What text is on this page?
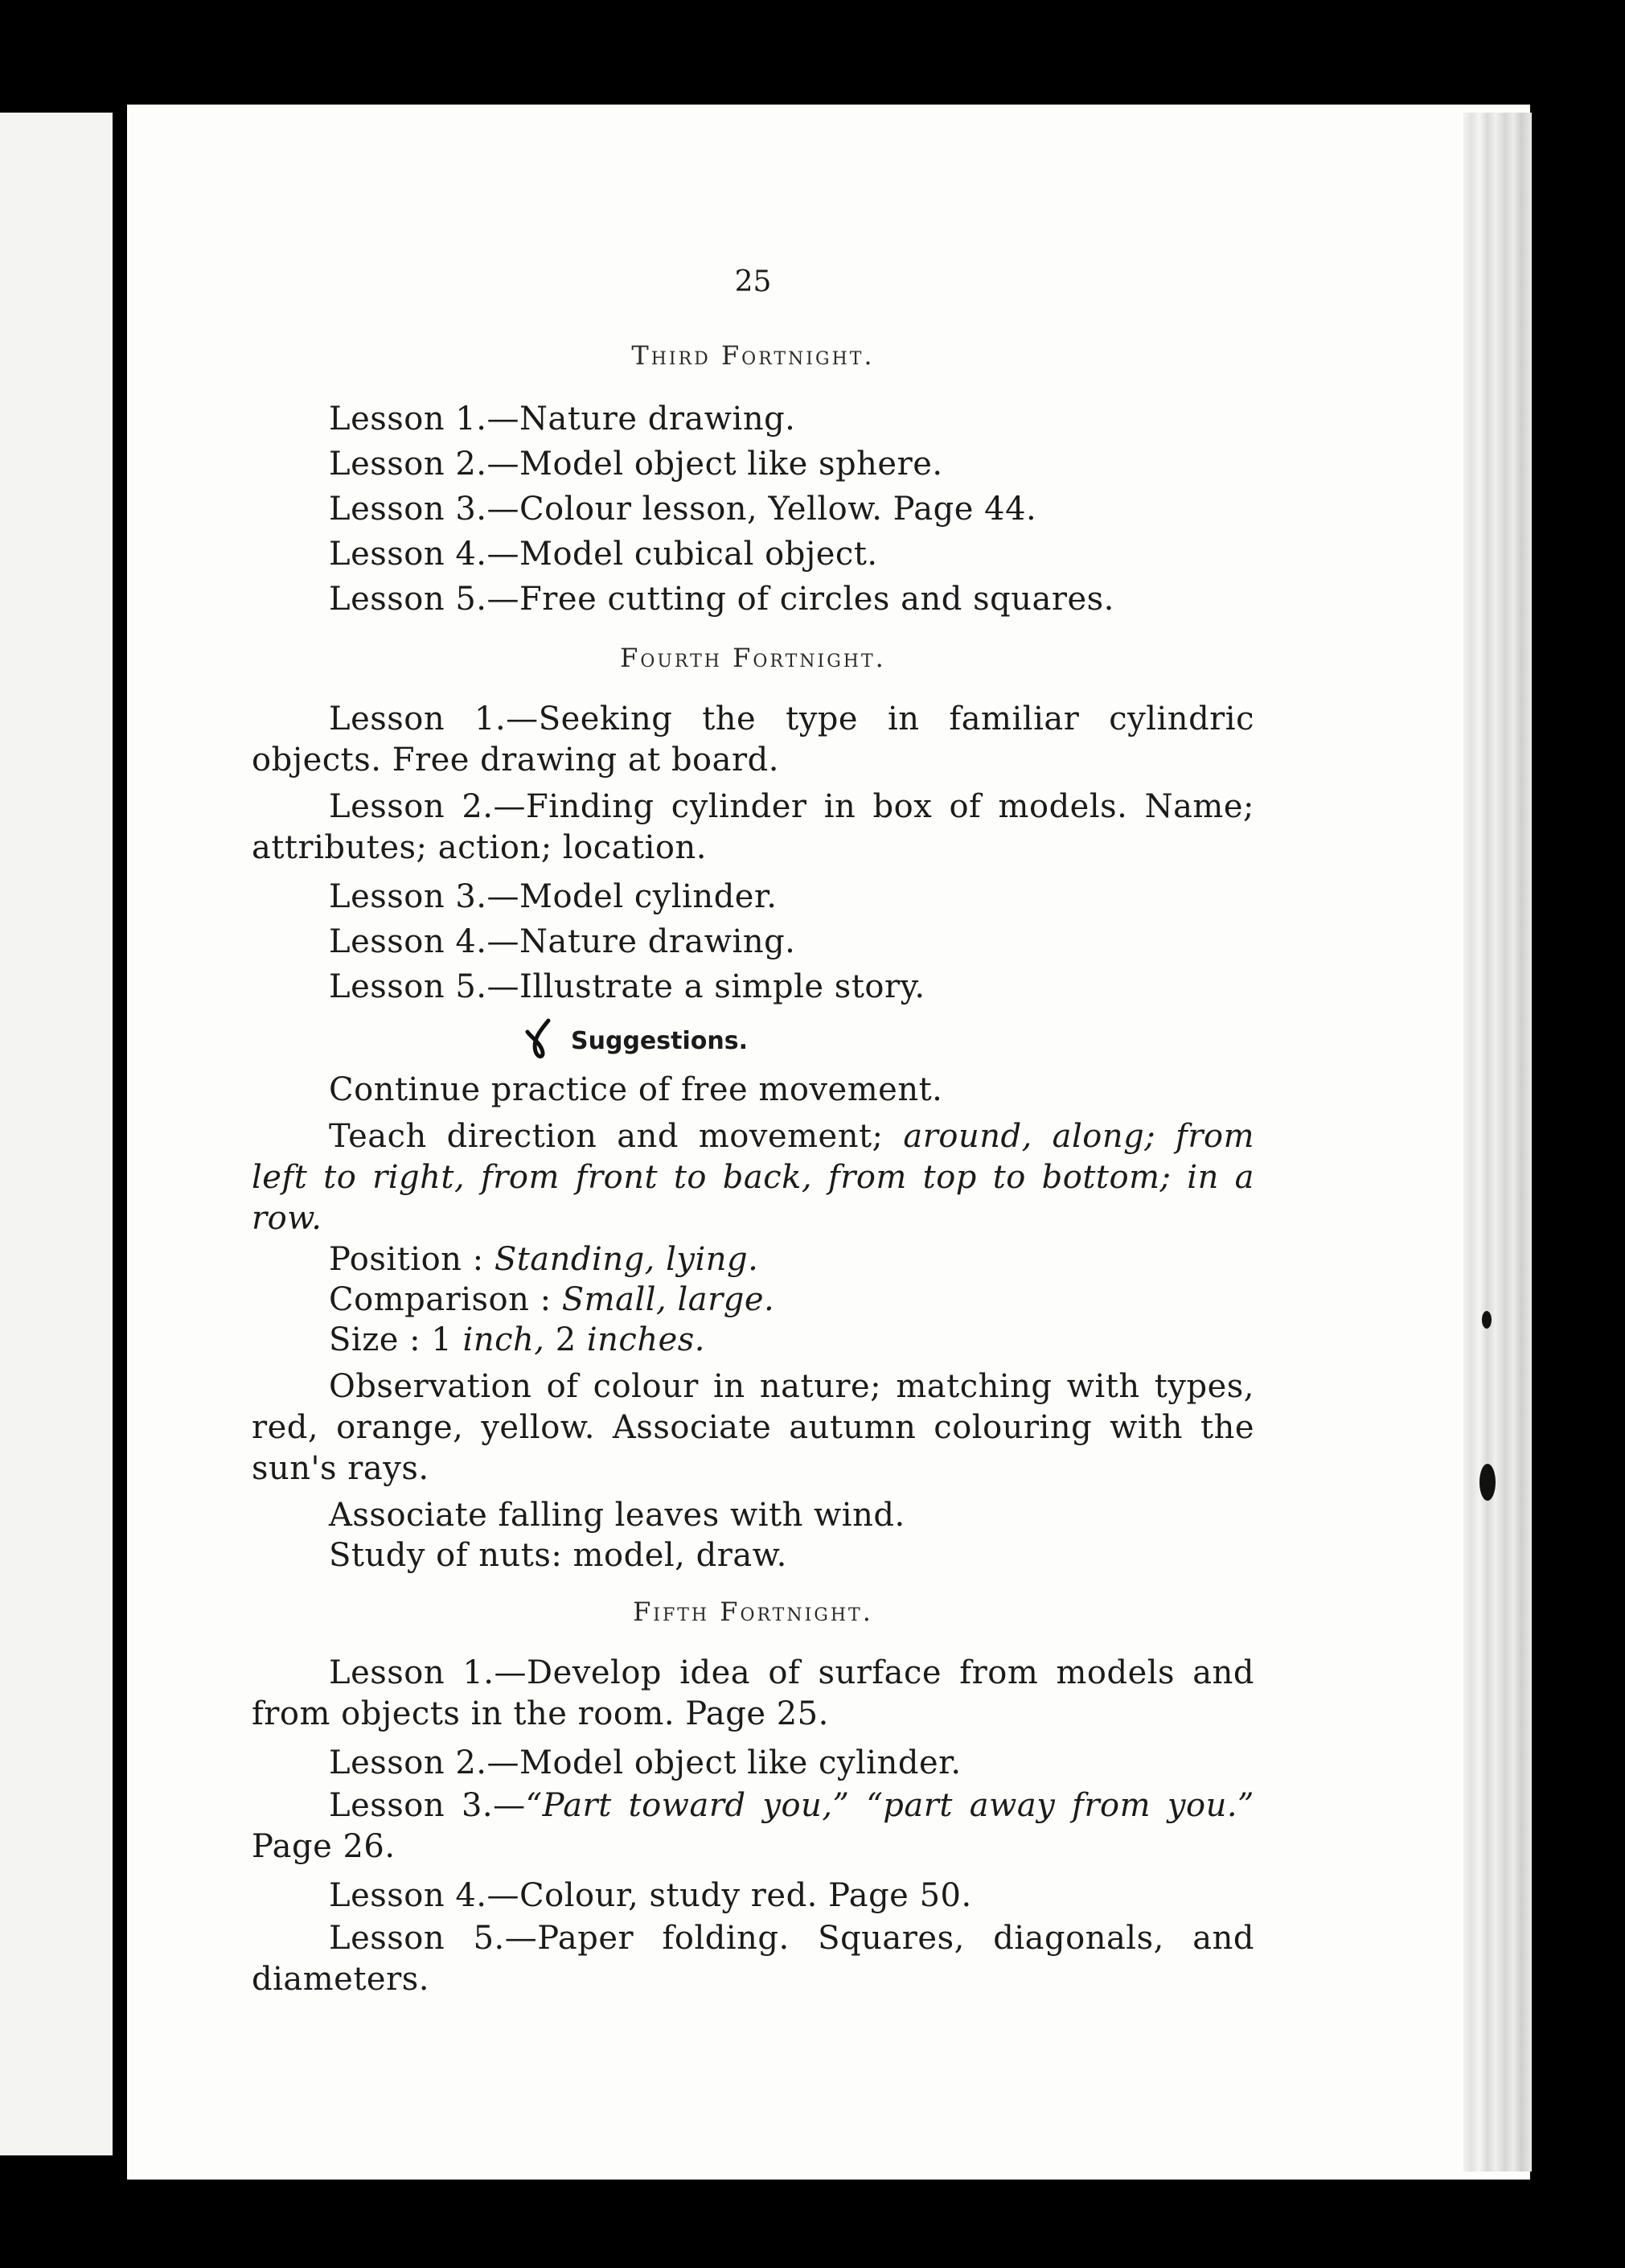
25
Third Fortnight.
Lesson 1.—Nature drawing.
Lesson 2.—Model object like sphere.
Lesson 3.—Colour lesson, Yellow. Page 44.
Lesson 4.—Model cubical object.
Lesson 5.—Free cutting of circles and squares.
Fourth Fortnight.
Lesson 1.—Seeking the type in familiar cylindric objects. Free drawing at board.
Lesson 2.—Finding cylinder in box of models. Name; attributes; action; location.
Lesson 3.—Model cylinder.
Lesson 4.—Nature drawing.
Lesson 5.—Illustrate a simple story.
Suggestions.
Continue practice of free movement.
Teach direction and movement; around, along; from left to right, from front to back, from top to bottom; in a row.
Position : Standing, lying.
Comparison : Small, large.
Size : 1 inch, 2 inches.
Observation of colour in nature; matching with types, red, orange, yellow. Associate autumn colouring with the sun's rays.
Associate falling leaves with wind.
Study of nuts: model, draw.
Fifth Fortnight.
Lesson 1.—Develop idea of surface from models and from objects in the room. Page 25.
Lesson 2.—Model object like cylinder.
Lesson 3.—“Part toward you,” “part away from you.” Page 26.
Lesson 4.—Colour, study red. Page 50.
Lesson 5.—Paper folding. Squares, diagonals, and diameters.
